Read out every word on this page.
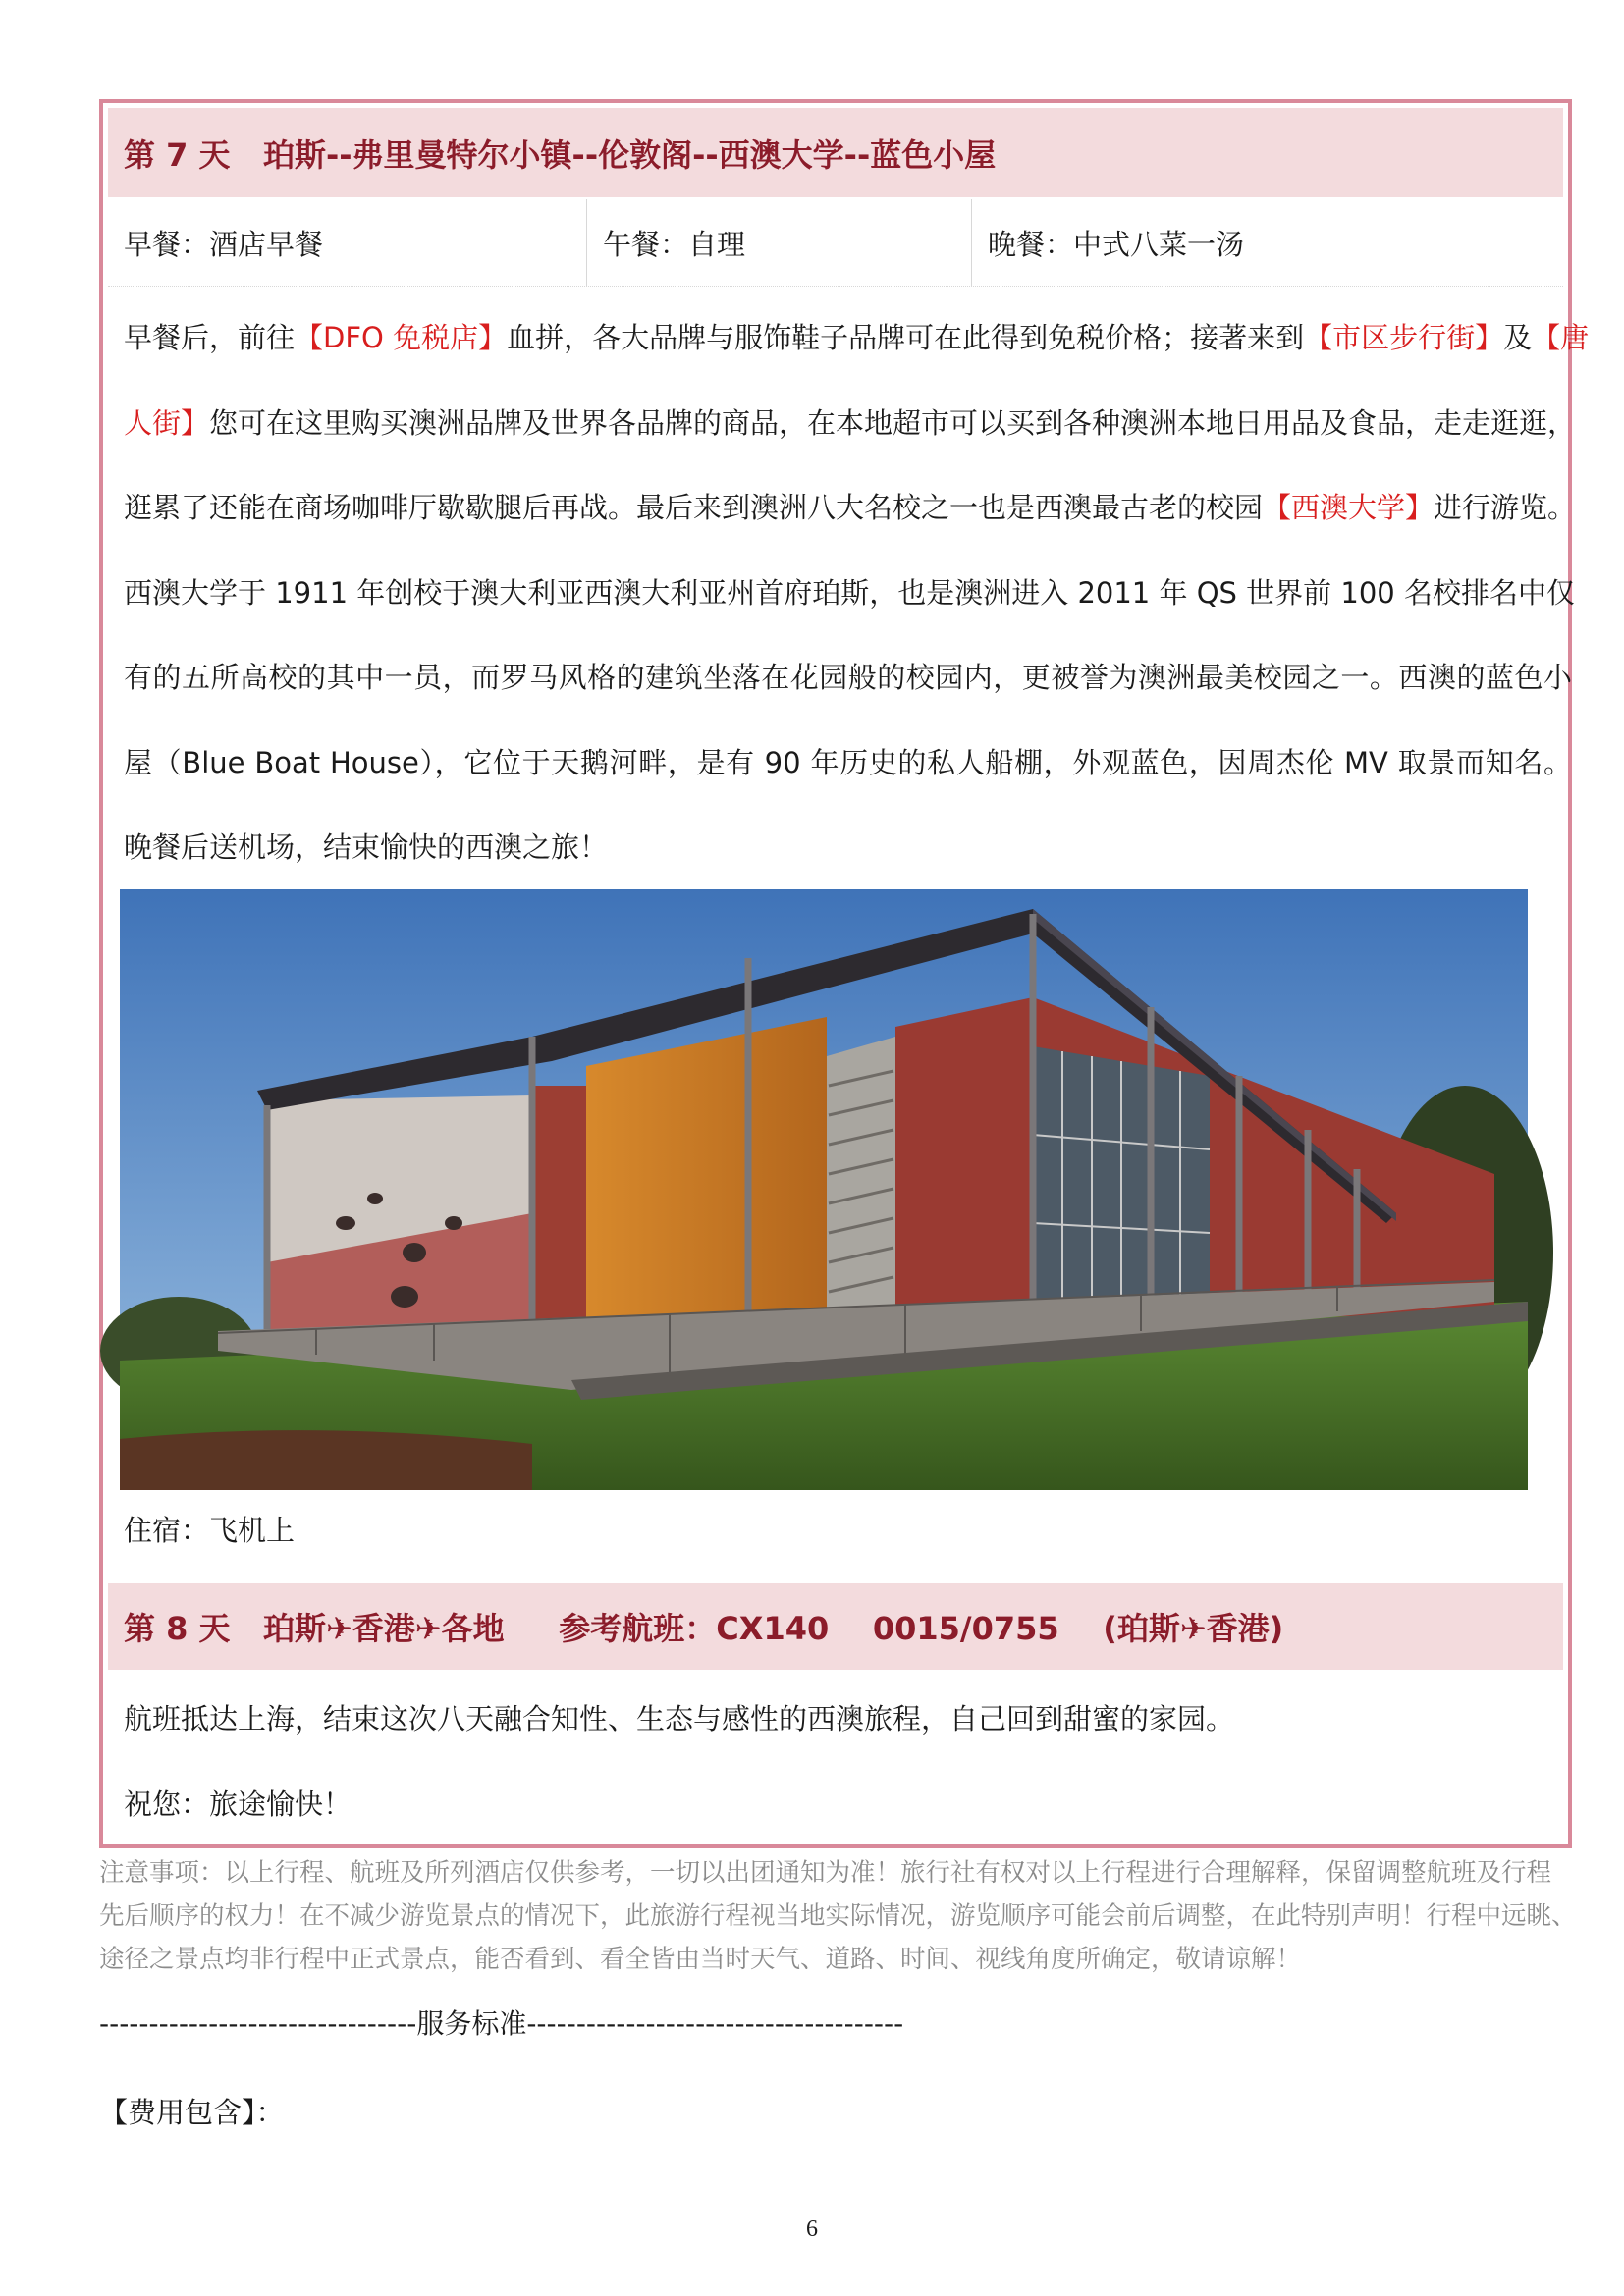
第 7 天   珀斯--弗里曼特尔小镇--伦敦阁--西澳大学--蓝色小屋
早餐：酒店早餐	午餐：自理	晚餐：中式八菜一汤
早餐后，前往【DFO 免税店】血拼，各大品牌与服饰鞋子品牌可在此得到免税价格；接著来到【市区步行街】及【唐
人街】您可在这里购买澳洲品牌及世界各品牌的商品，在本地超市可以买到各种澳洲本地日用品及食品，走走逛逛，
逛累了还能在商场咖啡厅歇歇腿后再战。最后来到澳洲八大名校之一也是西澳最古老的校园【西澳大学】进行游览。
西澳大学于 1911 年创校于澳大利亚西澳大利亚州首府珀斯，也是澳洲进入 2011 年 QS 世界前 100 名校排名中仅
有的五所高校的其中一员，而罗马风格的建筑坐落在花园般的校园内，更被誉为澳洲最美校园之一。西澳的蓝色小
屋（Blue Boat House），它位于天鹅河畔，是有 90 年历史的私人船棚，外观蓝色，因周杰伦 MV 取景而知名。
晚餐后送机场，结束愉快的西澳之旅！
住宿：飞机上
第 8 天   珀斯✈香港✈各地     参考航班：CX140    0015/0755    (珀斯✈香港)
航班抵达上海，结束这次八天融合知性、生态与感性的西澳旅程，自己回到甜蜜的家园。
祝您：旅途愉快！
注意事项：以上行程、航班及所列酒店仅供参考，一切以出团通知为准！旅行社有权对以上行程进行合理解释，保留调整航班及行程
先后顺序的权力！在不减少游览景点的情况下，此旅游行程视当地实际情况，游览顺序可能会前后调整，在此特别声明！行程中远眺、
途径之景点均非行程中正式景点，能否看到、看全皆由当时天气、道路、时间、视线角度所确定，敬请谅解！
--------------------------------服务标准--------------------------------------
【费用包含】：
6
